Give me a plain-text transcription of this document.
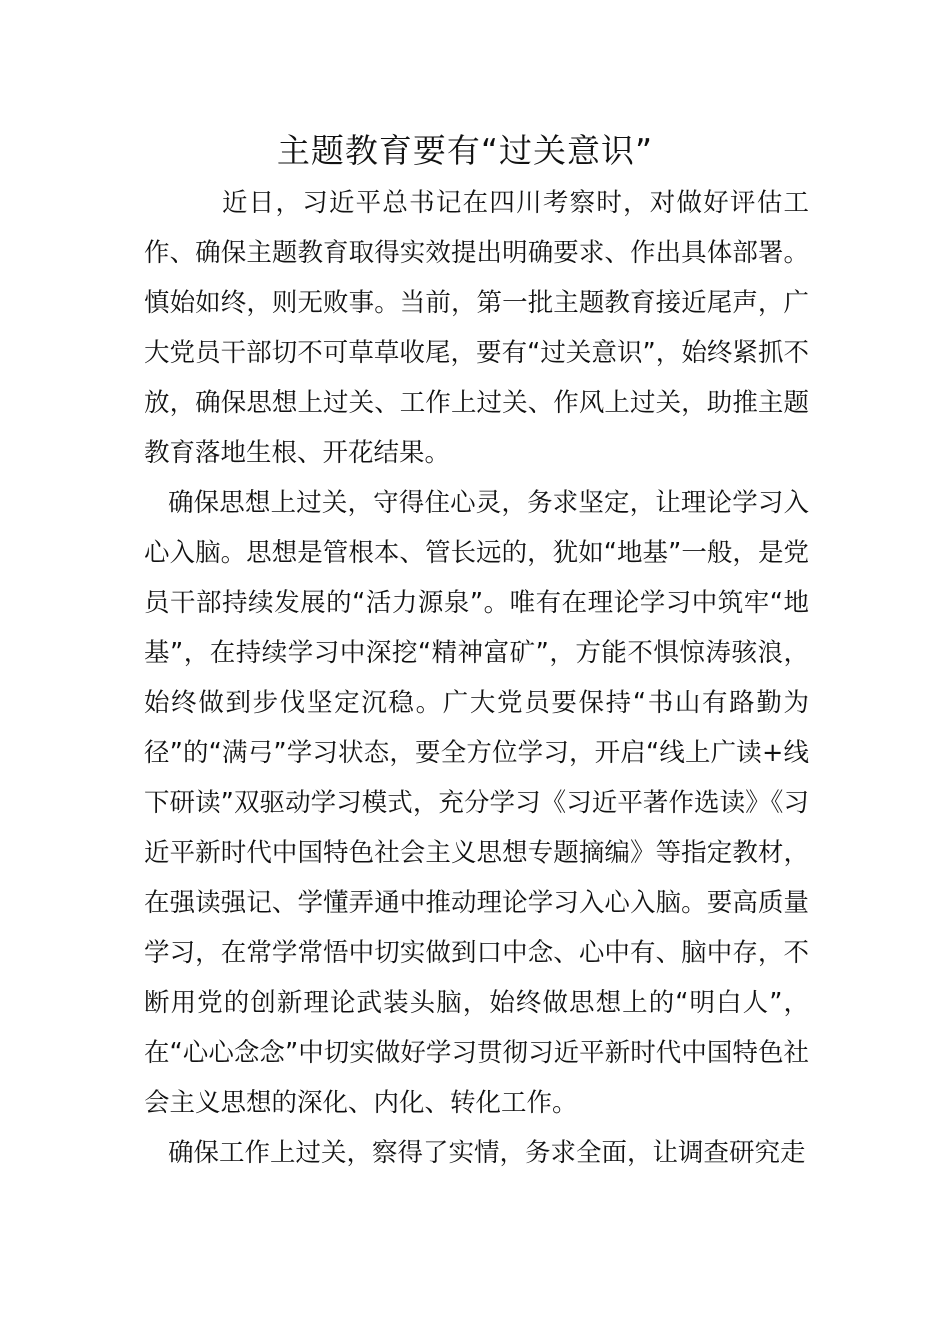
主题教育要有“过关意识”

近日，习近平总书记在四川考察时，对做好评估工作、确保主题教育取得实效提出明确要求、作出具体部署。慎始如终，则无败事。当前，第一批主题教育接近尾声，广大党员干部切不可草草收尾，要有“过关意识”，始终紧抓不放，确保思想上过关、工作上过关、作风上过关，助推主题教育落地生根、开花结果。

确保思想上过关，守得住心灵，务求坚定，让理论学习入心入脑。思想是管根本、管长远的，犹如“地基”一般，是党员干部持续发展的“活力源泉”。唯有在理论学习中筑牢“地基”，在持续学习中深挖“精神富矿”，方能不惧惊涛骇浪，始终做到步伐坚定沉稳。广大党员要保持“书山有路勤为径”的“满弓”学习状态，要全方位学习，开启“线上广读+线下研读”双驱动学习模式，充分学习《习近平著作选读》《习近平新时代中国特色社会主义思想专题摘编》等指定教材，在强读强记、学懂弄通中推动理论学习入心入脑。要高质量学习，在常学常悟中切实做到口中念、心中有、脑中存，不断用党的创新理论武装头脑，始终做思想上的“明白人”，在“心心念念”中切实做好学习贯彻习近平新时代中国特色社会主义思想的深化、内化、转化工作。

确保工作上过关，察得了实情，务求全面，让调查研究走
